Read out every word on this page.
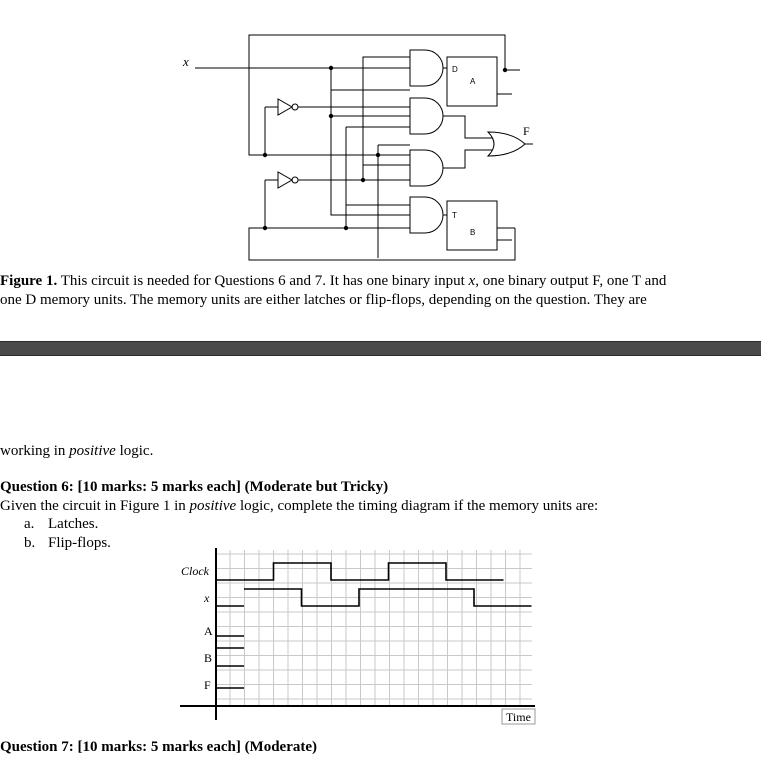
x
F
D
A
T
B
Figure 1. This circuit is needed for Questions 6 and 7. It has one binary input x, one binary output F, one T and
one D memory units. The memory units are either latches or flip-flops, depending on the question. They are
working in positive logic.
Question 6: [10 marks: 5 marks each] (Moderate but Tricky)
Given the circuit in Figure 1 in positive logic, complete the timing diagram if the memory units are:
a. Latches.
b. Flip-flops.
Clock
x
A
B
F
Time
Question 7: [10 marks: 5 marks each] (Moderate)
